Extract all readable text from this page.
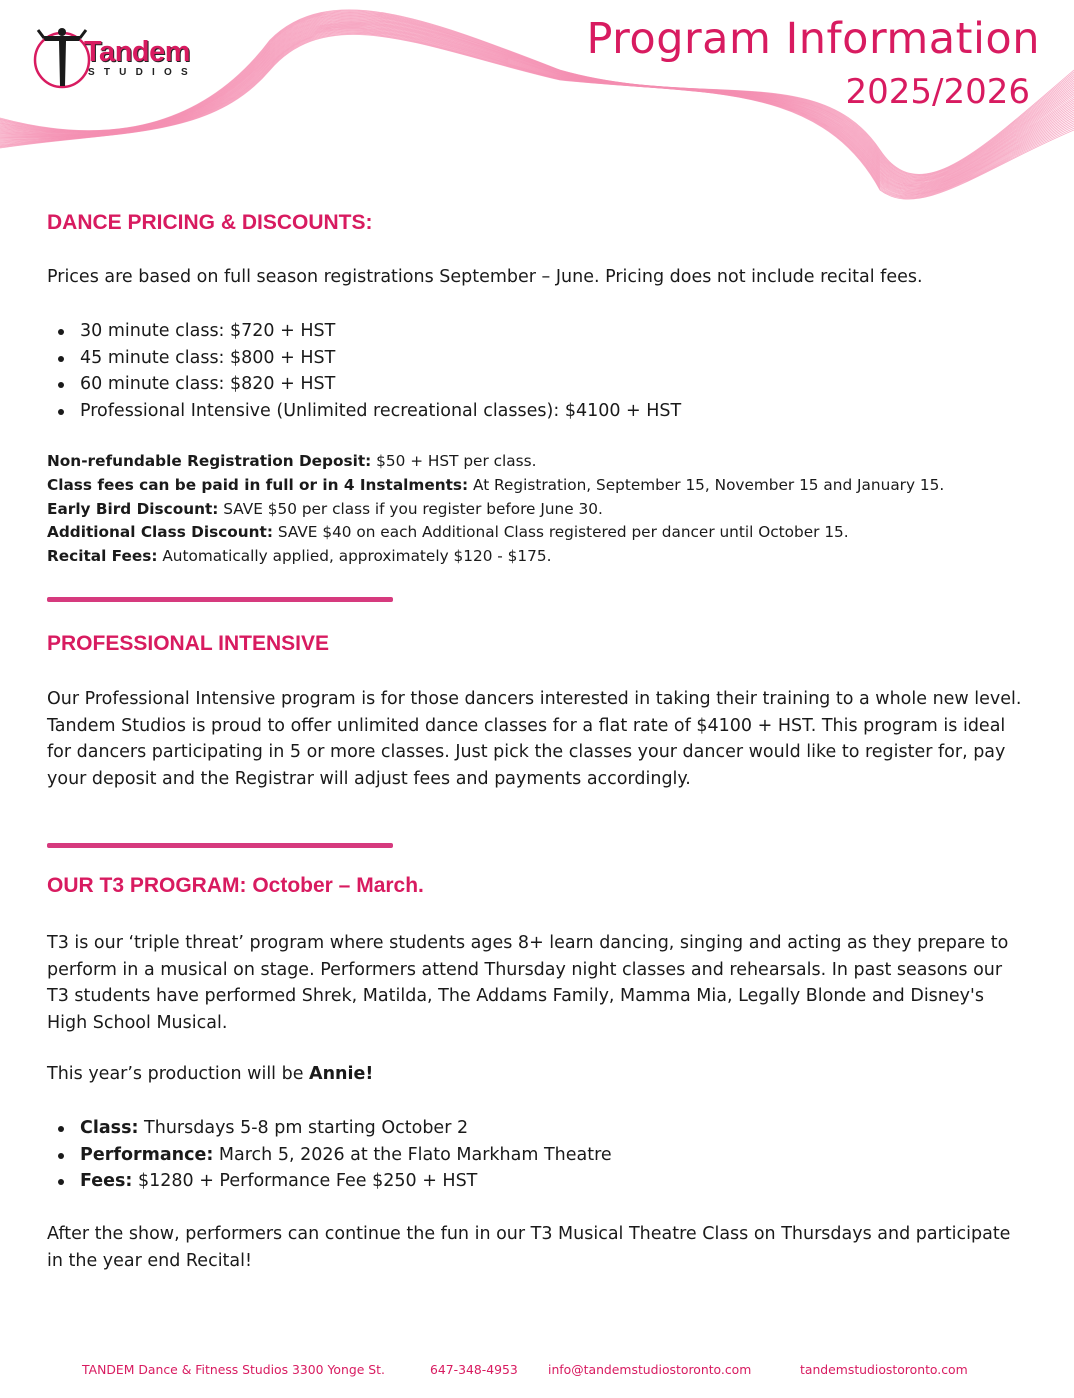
Tandem
STUDIOS
Program Information
2025/2026
DANCE PRICING & DISCOUNTS:
Prices are based on full season registrations September – June. Pricing does not include recital fees.
30 minute class: $720 + HST
45 minute class: $800 + HST
60 minute class: $820 + HST
Professional Intensive (Unlimited recreational classes): $4100 + HST
Non-refundable Registration Deposit: $50 + HST per class.
Class fees can be paid in full or in 4 Instalments: At Registration, September 15, November 15 and January 15.
Early Bird Discount: SAVE $50 per class if you register before June 30.
Additional Class Discount: SAVE $40 on each Additional Class registered per dancer until October 15.
Recital Fees: Automatically applied, approximately $120 - $175.
PROFESSIONAL INTENSIVE
Our Professional Intensive program is for those dancers interested in taking their training to a whole new level. Tandem Studios is proud to offer unlimited dance classes for a flat rate of $4100 + HST. This program is ideal for dancers participating in 5 or more classes. Just pick the classes your dancer would like to register for, pay your deposit and the Registrar will adjust fees and payments accordingly.
OUR T3 PROGRAM: October – March.
T3 is our ‘triple threat’ program where students ages 8+ learn dancing, singing and acting as they prepare to perform in a musical on stage. Performers attend Thursday night classes and rehearsals. In past seasons our T3 students have performed Shrek, Matilda, The Addams Family, Mamma Mia, Legally Blonde and Disney's High School Musical.
This year’s production will be Annie!
Class: Thursdays 5-8 pm starting October 2
Performance: March 5, 2026 at the Flato Markham Theatre
Fees: $1280 + Performance Fee $250 + HST
After the show, performers can continue the fun in our T3 Musical Theatre Class on Thursdays and participate in the year end Recital!
TANDEM Dance & Fitness Studios 3300 Yonge St.	647-348-4953 info@tandemstudiostoronto.com	tandemstudiostoronto.com
